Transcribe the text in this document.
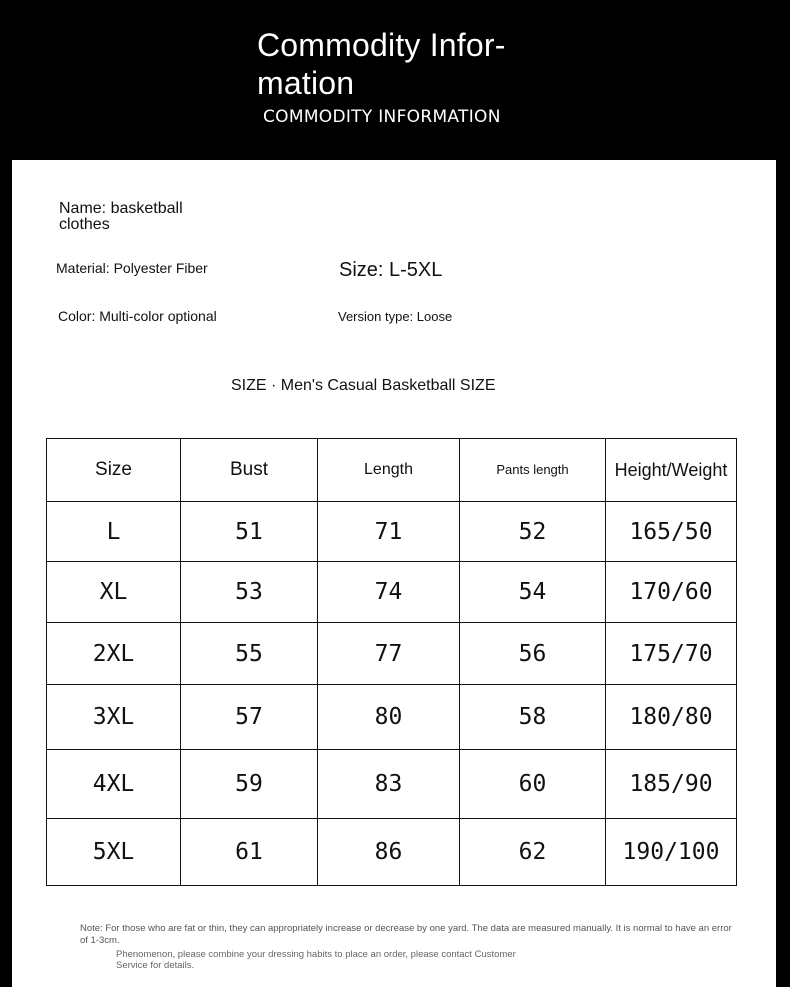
Commodity Infor-mation
COMMODITY INFORMATION
Name: basketball clothes
Material: Polyester Fiber	Size: L-5XL
Color: Multi-color optional	Version type: Loose
SIZE · Men's Casual Basketball SIZE
Size	Bust	Length	Pants length	Height/Weight
L	51	71	52	165/50
XL	53	74	54	170/60
2XL	55	77	56	175/70
3XL	57	80	58	180/80
4XL	59	83	60	185/90
5XL	61	86	62	190/100
Note: For those who are fat or thin, they can appropriately increase or decrease by one yard. The data are measured manually. It is normal to have an error of 1-3cm.
Phenomenon, please combine your dressing habits to place an order, please contact Customer Service for details.
